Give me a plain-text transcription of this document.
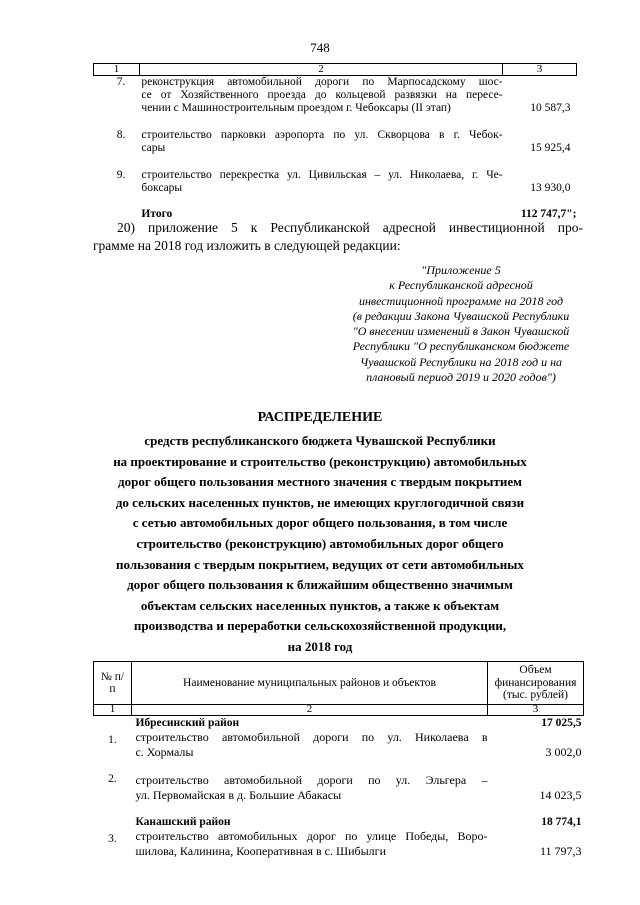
748
1	2	3
7.	реконструкция автомобильной дороги по Марпосадскому шос-
се от Хозяйственного проезда до кольцевой развязки на пересе-
чении с Машиностроительным проездом г. Чебоксары (II этап)	10 587,3

8.	строительство парковки аэропорта по ул. Скворцова в г. Чебок-
сары	15 925,4

9.	строительство перекрестка ул. Цивильская – ул. Николаева, г. Че-
боксары	13 930,0

	Итого	112 747,7";
20) приложение 5 к Республиканской адресной инвестиционной про-
грамме на 2018 год изложить в следующей редакции:
"Приложение 5
к Республиканской адресной
инвестиционной программе на 2018 год
(в редакции Закона Чувашской Республики
"О внесении изменений в Закон Чувашской
Республики "О республиканском бюджете
Чувашской Республики на 2018 год и на
плановый период 2019 и 2020 годов")
РАСПРЕДЕЛЕНИЕ
средств республиканского бюджета Чувашской Республики
на проектирование и строительство (реконструкцию) автомобильных
дорог общего пользования местного значения с твердым покрытием
до сельских населенных пунктов, не имеющих круглогодичной связи
с сетью автомобильных дорог общего пользования, в том числе
строительство (реконструкцию) автомобильных дорог общего
пользования с твердым покрытием, ведущих от сети автомобильных
дорог общего пользования к ближайшим общественно значимым
объектам сельских населенных пунктов, а также к объектам
производства и переработки сельскохозяйственной продукции,
на 2018 год
№ п/п	Наименование муниципальных районов и объектов	Объем финансирования (тыс. рублей)
1	2	3
	Ибресинский район	17 025,5
1.	строительство автомобильной дороги по ул. Николаева в
с. Хормалы	3 002,0

2.	строительство автомобильной дороги по ул. Эльгера –
ул. Первомайская в д. Большие Абакасы	14 023,5

	Канашский район	18 774,1
3.	строительство автомобильных дорог по улице Победы, Воро-
шилова, Калинина, Кооперативная в с. Шибылги	11 797,3
